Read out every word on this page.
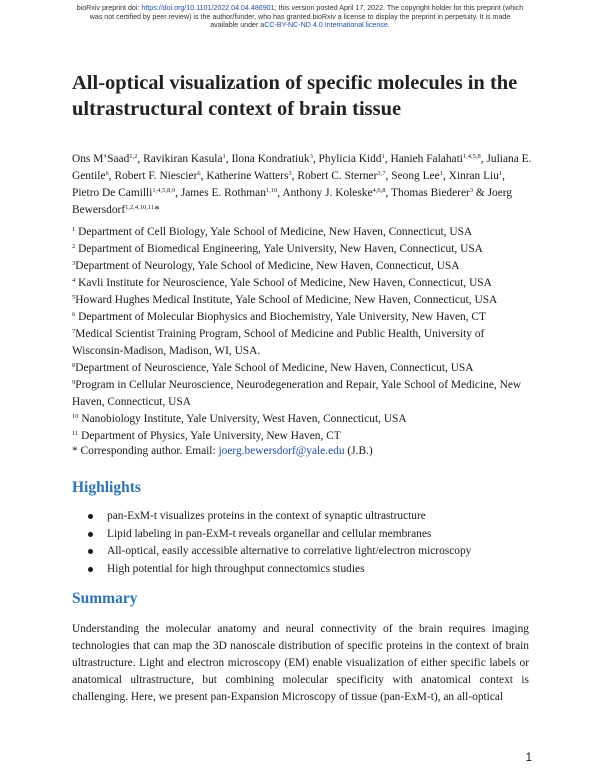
bioRxiv preprint doi: https://doi.org/10.1101/2022.04.04.486901; this version posted April 17, 2022. The copyright holder for this preprint (which
was not certified by peer review) is the author/funder, who has granted bioRxiv a license to display the preprint in perpetuity. It is made
available under aCC-BY-NC-ND 4.0 International license.
All-optical visualization of specific molecules in the ultrastructural context of brain tissue
Ons M’Saad$^{1,2}$, Ravikiran Kasula$^1$, Ilona Kondratiuk$^3$, Phylicia Kidd$^1$, Hanieh Falahati$^{1,4,5,8}$, Juliana E. Gentile$^6$, Robert F. Niescier$^6$, Katherine Watters$^3$, Robert C. Sterner$^{3,7}$, Seong Lee$^1$, Xinran Liu$^1$, Pietro De Camilli$^{1,4,5,8,9}$, James E. Rothman$^{1,10}$, Anthony J. Koleske$^{4,6,8}$, Thomas Biederer$^3$ & Joerg Bewersdorf$^{1,2,4,10,11}$*
$^1$ Department of Cell Biology, Yale School of Medicine, New Haven, Connecticut, USA
$^2$ Department of Biomedical Engineering, Yale University, New Haven, Connecticut, USA
$^3$Department of Neurology, Yale School of Medicine, New Haven, Connecticut, USA
$^4$ Kavli Institute for Neuroscience, Yale School of Medicine, New Haven, Connecticut, USA
$^5$Howard Hughes Medical Institute, Yale School of Medicine, New Haven, Connecticut, USA
$^6$ Department of Molecular Biophysics and Biochemistry, Yale University, New Haven, CT
$^7$Medical Scientist Training Program, School of Medicine and Public Health, University of Wisconsin-Madison, Madison, WI, USA.
$^8$Department of Neuroscience, Yale School of Medicine, New Haven, Connecticut, USA
$^9$Program in Cellular Neuroscience, Neurodegeneration and Repair, Yale School of Medicine, New Haven, Connecticut, USA
$^{10}$ Nanobiology Institute, Yale University, West Haven, Connecticut, USA
$^{11}$ Department of Physics, Yale University, New Haven, CT
* Corresponding author. Email: joerg.bewersdorf@yale.edu (J.B.)
Highlights
pan-ExM-t visualizes proteins in the context of synaptic ultrastructure
Lipid labeling in pan-ExM-t reveals organellar and cellular membranes
All-optical, easily accessible alternative to correlative light/electron microscopy
High potential for high throughput connectomics studies
Summary
Understanding the molecular anatomy and neural connectivity of the brain requires imaging technologies that can map the 3D nanoscale distribution of specific proteins in the context of brain ultrastructure. Light and electron microscopy (EM) enable visualization of either specific labels or anatomical ultrastructure, but combining molecular specificity with anatomical context is challenging. Here, we present pan-Expansion Microscopy of tissue (pan-ExM-t), an all-optical
1
